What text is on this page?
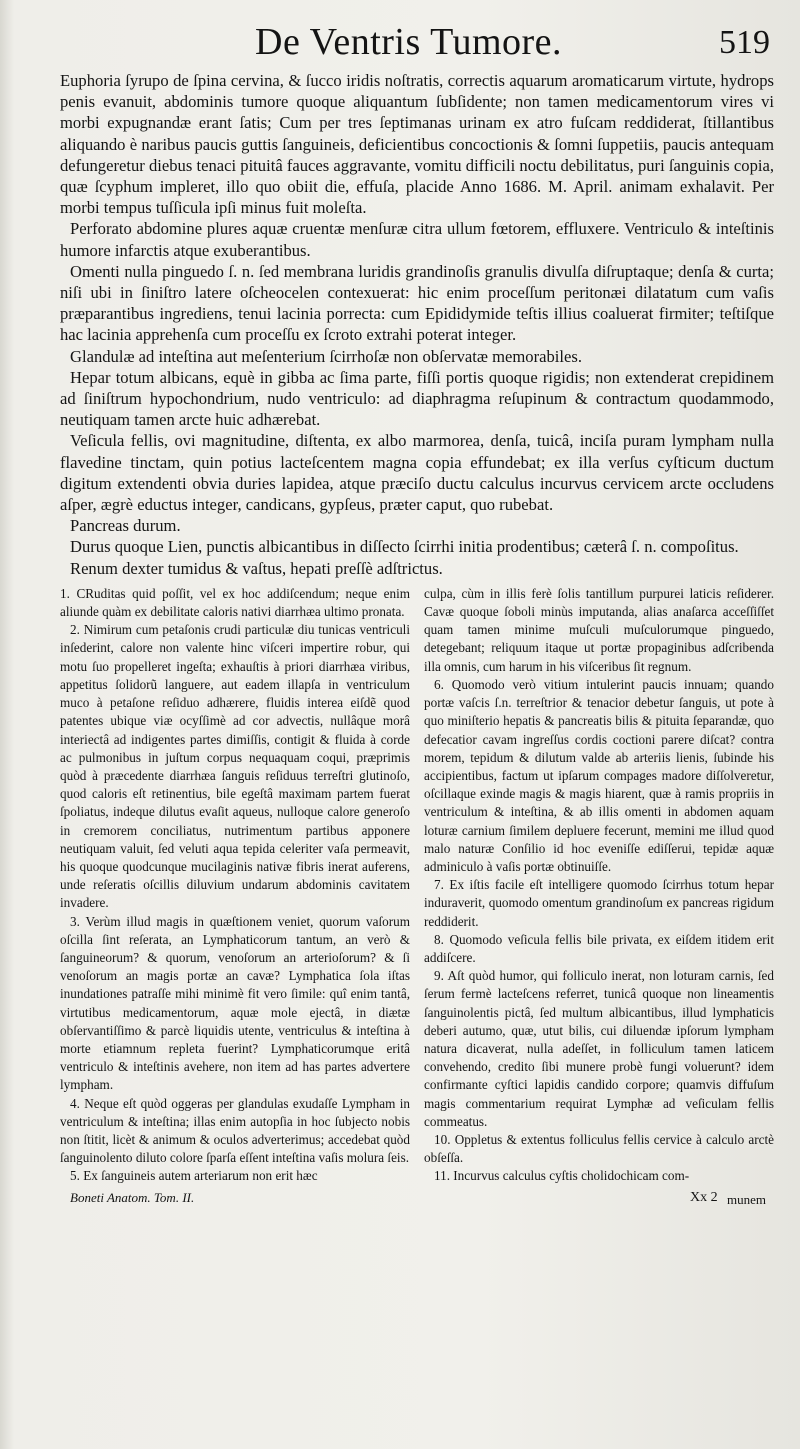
De Ventris Tumore.	519

Euphoria ſyrupo de ſpina cervina, & ſucco iridis noſtratis, correctis aquarum aromaticarum virtute, hydrops penis evanuit, abdominis tumore quoque aliquantum ſubſidente; non tamen medicamentorum vires vi morbi expugnandæ erant ſatis; Cum per tres ſeptimanas urinam ex atro fuſcam reddiderat, ſtillantibus aliquando è naribus paucis guttis ſanguineis, deficientibus concoctionis & ſomni ſuppetiis, paucis antequam defungeretur diebus tenaci pituitâ fauces aggravante, vomitu difficili noctu debilitatus, puri ſanguinis copia, quæ ſcyphum impleret, illo quo obiit die, effuſa, placide Anno 1686. M. April. animam exhalavit. Per morbi tempus tuſſicula ipſi minus fuit moleſta.

Perforato abdomine plures aquæ cruentæ menſuræ citra ullum fœtorem, effluxere. Ventriculo & inteſtinis humore infarctis atque exuberantibus.

Omenti nulla pinguedo ſ. n. ſed membrana luridis grandinoſis granulis divulſa diſruptaque; denſa & curta; niſi ubi in ſiniſtro latere oſcheocelen contexuerat: hic enim proceſſum peritonæi dilatatum cum vaſis præparantibus ingrediens, tenui lacinia porrecta: cum Epididymide teſtis illius coaluerat firmiter; teſtiſque hac lacinia apprehenſa cum proceſſu ex ſcroto extrahi poterat integer.

Glandulæ ad inteſtina aut meſenterium ſcirrhoſæ non obſervatæ memorabiles.

Hepar totum albicans, equè in gibba ac ſima parte, fiſſi portis quoque rigidis; non extenderat crepidinem ad ſiniſtrum hypochondrium, nudo ventriculo: ad diaphragma reſupinum & contractum quodammodo, neutiquam tamen arcte huic adhærebat.

Veſicula fellis, ovi magnitudine, diſtenta, ex albo marmorea, denſa, tuicâ, inciſa puram lympham nulla flavedine tinctam, quin potius lacteſcentem magna copia effundebat; ex illa verſus cyſticum ductum digitum extendenti obvia duries lapidea, atque præciſo ductu calculus incurvus cervicem arcte occludens aſper, ægrè eductus integer, candicans, gypſeus, præter caput, quo rubebat.

Pancreas durum.

Durus quoque Lien, punctis albicantibus in diſſecto ſcirrhi initia prodentibus; cæterâ ſ. n. compoſitus.

Renum dexter tumidus & vaſtus, hepati preſſè adſtrictus.

1. CRuditas quid poſſit, vel ex hoc addiſcendum; neque enim aliunde quàm ex debilitate caloris nativi diarrhæa ultimo pronata.

2. Nimirum cum petaſonis crudi particulæ diu tunicas ventriculi inſederint, calore non valente hinc viſceri impertire robur, qui motu ſuo propelleret ingeſta; exhauſtis à priori diarrhæa viribus, appetitus ſolidorũ languere, aut eadem illapſa in ventriculum muco à petaſone reſiduo adhærere, fluidis interea eiſdẽ quod patentes ubique viæ ocyſſimè ad cor advectis, nullâque morâ interiectâ ad indigentes partes dimiſſis, contigit & fluida à corde ac pulmonibus in juſtum corpus nequaquam coqui, præprimis quòd à præcedente diarrhæa ſanguis reſiduus terreſtri glutinoſo, quod caloris eſt retinentius, bile egeſtâ maximam partem fuerat ſpoliatus, indeque dilutus evaſit aqueus, nulloque calore generoſo in cremorem conciliatus, nutrimentum partibus apponere neutiquam valuit, ſed veluti aqua tepida celeriter vaſa permeavit, his quoque quodcunque mucilaginis nativæ fibris inerat auferens, unde reſeratis oſcillis diluvium undarum abdominis cavitatem invadere.

3. Verùm illud magis in quæſtionem veniet, quorum vaſorum oſcilla ſint reſerata, an Lymphaticorum tantum, an verò & ſanguineorum? & quorum, venoſorum an arterioſorum? & ſi venoſorum an magis portæ an cavæ? Lymphatica ſola iſtas inundationes patraſſe mihi minimè fit vero ſimile: quî enim tantâ, virtutibus medicamentorum, aquæ mole ejectâ, in diætæ obſervantiſſimo & parcè liquidis utente, ventriculus & inteſtina à morte etiamnum repleta fuerint? Lymphaticorumque eritâ ventriculo & inteſtinis avehere, non item ad has partes advertere lympham.

4. Neque eſt quòd oggeras per glandulas exudaſſe Lympham in ventriculum & inteſtina; illas enim autopſia in hoc ſubjecto nobis non ſtitit, licèt & animum & oculos adverterimus; accedebat quòd ſanguinolento diluto colore ſparſa eſſent inteſtina vaſis molura ſeis.

5. Ex ſanguineis autem arteriarum non erit hæc

culpa, cùm in illis ferè ſolis tantillum purpurei laticis reſiderer. Cavæ quoque ſoboli minùs imputanda, alias anaſarca acceſſiſſet quam tamen minime muſculi muſculorumque pinguedo, detegebant; reliquum itaque ut portæ propaginibus adſcribenda illa omnis, cum harum in his viſceribus ſit regnum.

6. Quomodo verò vitium intulerint paucis innuam; quando portæ vaſcis ſ.n. terreſtrior & tenacior debetur ſanguis, ut pote à quo miniſterio hepatis & pancreatis bilis & pituita ſeparandæ, quo defecatior cavam ingreſſus cordis coctioni parere diſcat? contra morem, tepidum & dilutum valde ab arteriis lienis, ſubinde his accipientibus, factum ut ipſarum compages madore diſſolveretur, oſcillaque exinde magis & magis hiarent, quæ à ramis propriis in ventriculum & inteſtina, & ab illis omenti in abdomen aquam loturæ carnium ſimilem depluere fecerunt, memini me illud quod malo naturæ Conſilio id hoc eveniſſe ediſſerui, tepidæ aquæ adminiculo à vaſis portæ obtinuiſſe.

7. Ex iſtis facile eſt intelligere quomodo ſcirrhus totum hepar induraverit, quomodo omentum grandinoſum ex pancreas rigidum reddiderit.

8. Quomodo veſicula fellis bile privata, ex eiſdem itidem erit addiſcere.

9. Aſt quòd humor, qui folliculo inerat, non loturam carnis, ſed ſerum fermè lacteſcens referret, tunicâ quoque non lineamentis ſanguinolentis pictâ, ſed multum albicantibus, illud lymphaticis deberi autumo, quæ, utut bilis, cui diluendæ ipſorum lympham natura dicaverat, nulla adeſſet, in folliculum tamen laticem convehendo, credito ſibi munere probè fungi voluerunt? idem confirmante cyſtici lapidis candido corpore; quamvis diffuſum magis commentarium requirat Lymphæ ad veſiculam fellis commeatus.

10. Oppletus & extentus folliculus fellis cervice à calculo arctè obſeſſa.

11. Incurvus calculus cyſtis cholidochicam com-

Boneti Anatom. Tom. II.	Xx 2 munem
